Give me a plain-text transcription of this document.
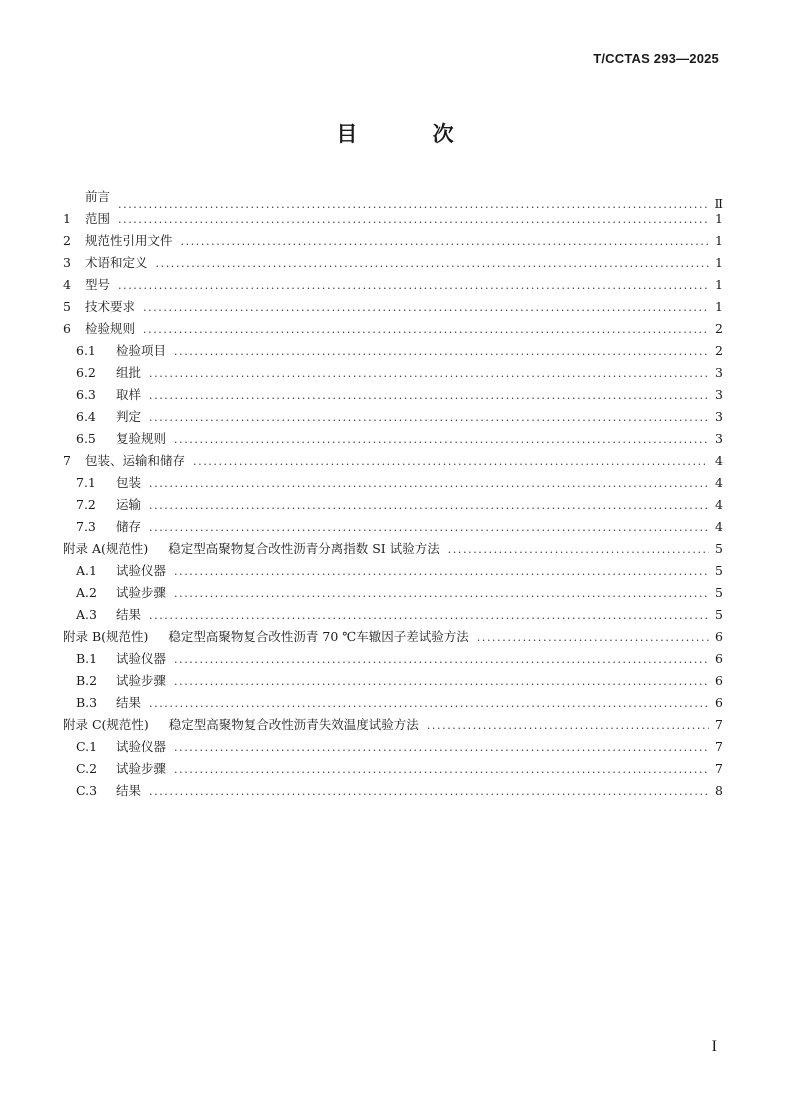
T/CCTAS 293—2025
目 次
前言 .....	Ⅱ
1	范围 .....	1
2	规范性引用文件 .....	1
3	术语和定义 .....	1
4	型号 .....	1
5	技术要求 .....	1
6	检验规则 .....	2
6.1	检验项目 .....	2
6.2	组批 .....	3
6.3	取样 .....	3
6.4	判定 .....	3
6.5	复验规则 .....	3
7	包装、运输和储存 .....	4
7.1	包装 .....	4
7.2	运输 .....	4
7.3	储存 .....	4
附录 A(规范性)	稳定型高聚物复合改性沥青分离指数 SI 试验方法 .....	5
A.1	试验仪器 .....	5
A.2	试验步骤 .....	5
A.3	结果 .....	5
附录 B(规范性)	稳定型高聚物复合改性沥青 70 ℃车辙因子差试验方法 .....	6
B.1	试验仪器 .....	6
B.2	试验步骤 .....	6
B.3	结果 .....	6
附录 C(规范性)	稳定型高聚物复合改性沥青失效温度试验方法 .....	7
C.1	试验仪器 .....	7
C.2	试验步骤 .....	7
C.3	结果 .....	8
I
